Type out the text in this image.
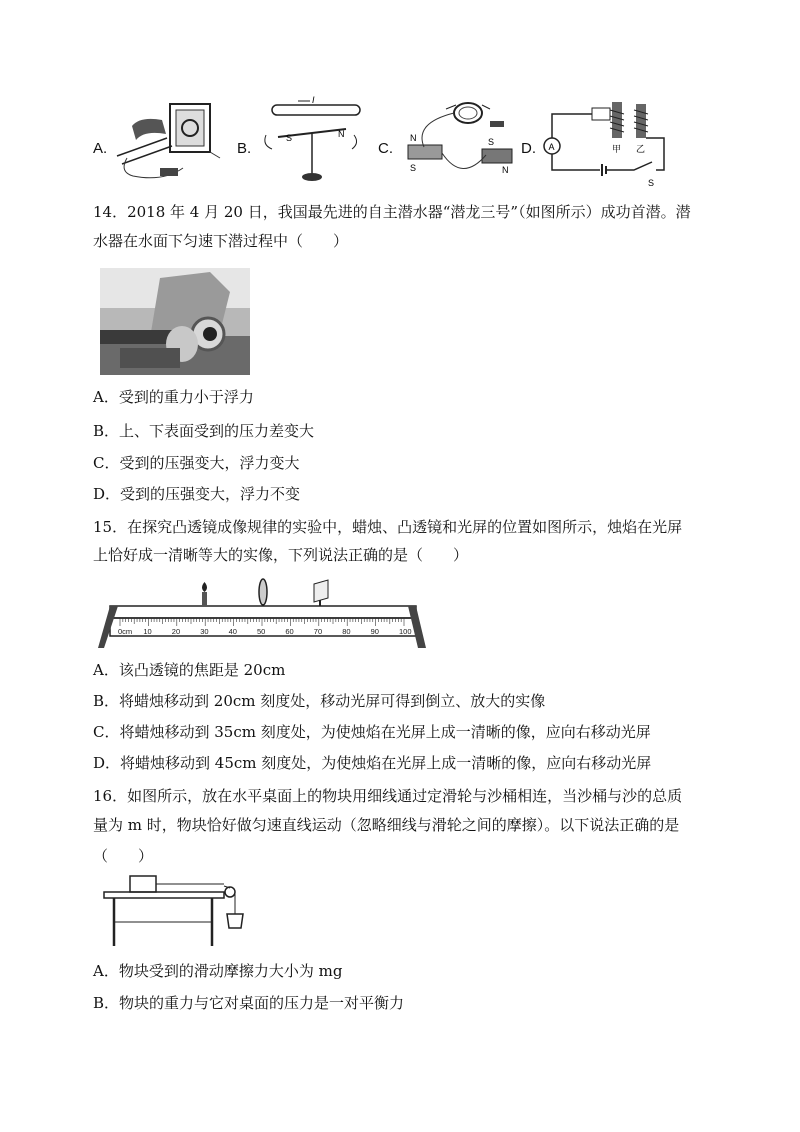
A.	B.
I
S	N
C.
N
S
S
N
D. A	甲 乙
S
14．2018 年 4 月 20 日，我国最先进的自主潜水器“潜龙三号”（如图所示）成功首潜。潜
水器在水面下匀速下潜过程中（　　）
A．受到的重力小于浮力
B．上、下表面受到的压力差变大
C．受到的压强变大，浮力变大
D．受到的压强变大，浮力不变
15．在探究凸透镜成像规律的实验中，蜡烛、凸透镜和光屏的位置如图所示，烛焰在光屏
上恰好成一清晰等大的实像，下列说法正确的是（　　）
0cm 10	20	30	40	50	60	70	80	90	100
A．该凸透镜的焦距是 20cm
B．将蜡烛移动到 20cm 刻度处，移动光屏可得到倒立、放大的实像
C．将蜡烛移动到 35cm 刻度处，为使烛焰在光屏上成一清晰的像，应向右移动光屏
D．将蜡烛移动到 45cm 刻度处，为使烛焰在光屏上成一清晰的像，应向右移动光屏
16．如图所示，放在水平桌面上的物块用细线通过定滑轮与沙桶相连，当沙桶与沙的总质
量为 m 时，物块恰好做匀速直线运动（忽略细线与滑轮之间的摩擦）。以下说法正确的是
（　　）
A．物块受到的滑动摩擦力大小为 mg
B．物块的重力与它对桌面的压力是一对平衡力
